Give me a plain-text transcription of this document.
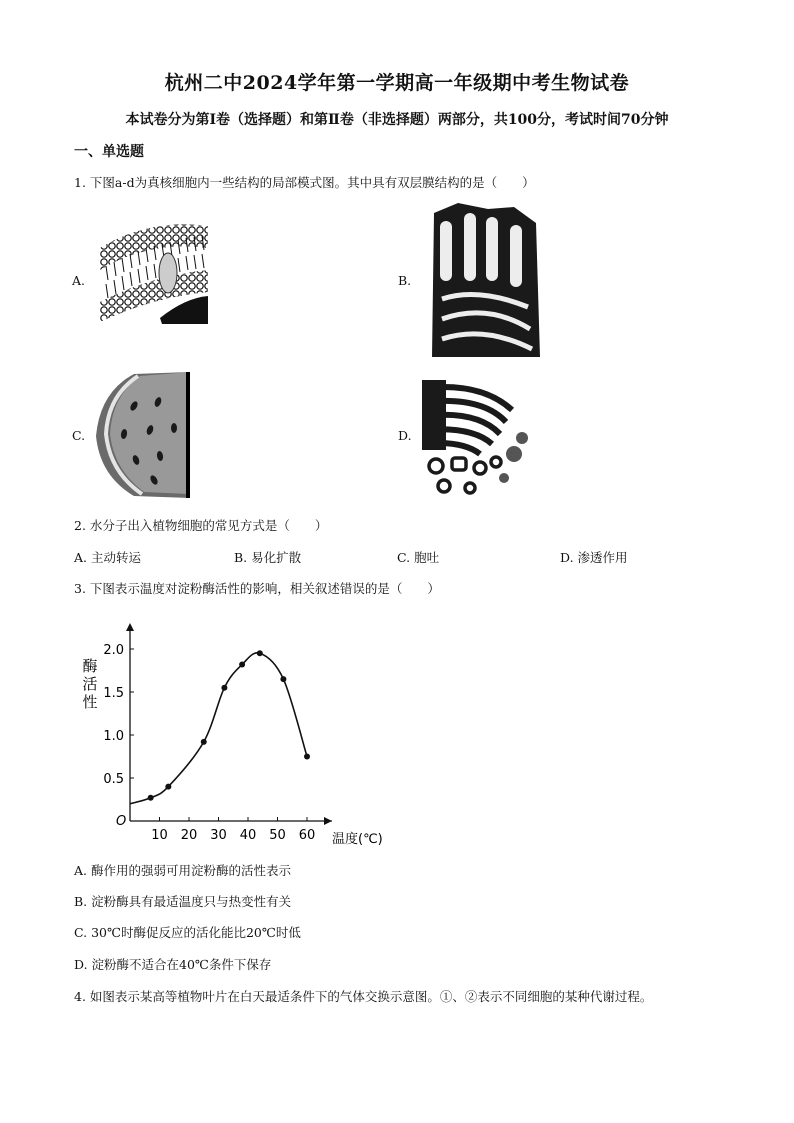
杭州二中2024学年第一学期高一年级期中考生物试卷
本试卷分为第Ⅰ卷（选择题）和第Ⅱ卷（非选择题）两部分，共100分，考试时间70分钟
一、单选题
1. 下图a-d为真核细胞内一些结构的局部模式图。其中具有双层膜结构的是（　　）
A.	B.
C.	D.
2. 水分子出入植物细胞的常见方式是（　　）
A. 主动转运	B. 易化扩散	C. 胞吐	D. 渗透作用
3. 下图表示温度对淀粉酶活性的影响，相关叙述错误的是（　　）
O
0.5
1.0
1.5
2.0
10 20 30 40 50 60 温度(℃)
酶
活
性
A. 酶作用的强弱可用淀粉酶的活性表示
B. 淀粉酶具有最适温度只与热变性有关
C. 30℃时酶促反应的活化能比20℃时低
D. 淀粉酶不适合在40℃条件下保存
4. 如图表示某高等植物叶片在白天最适条件下的气体交换示意图。①、②表示不同细胞的某种代谢过程。
